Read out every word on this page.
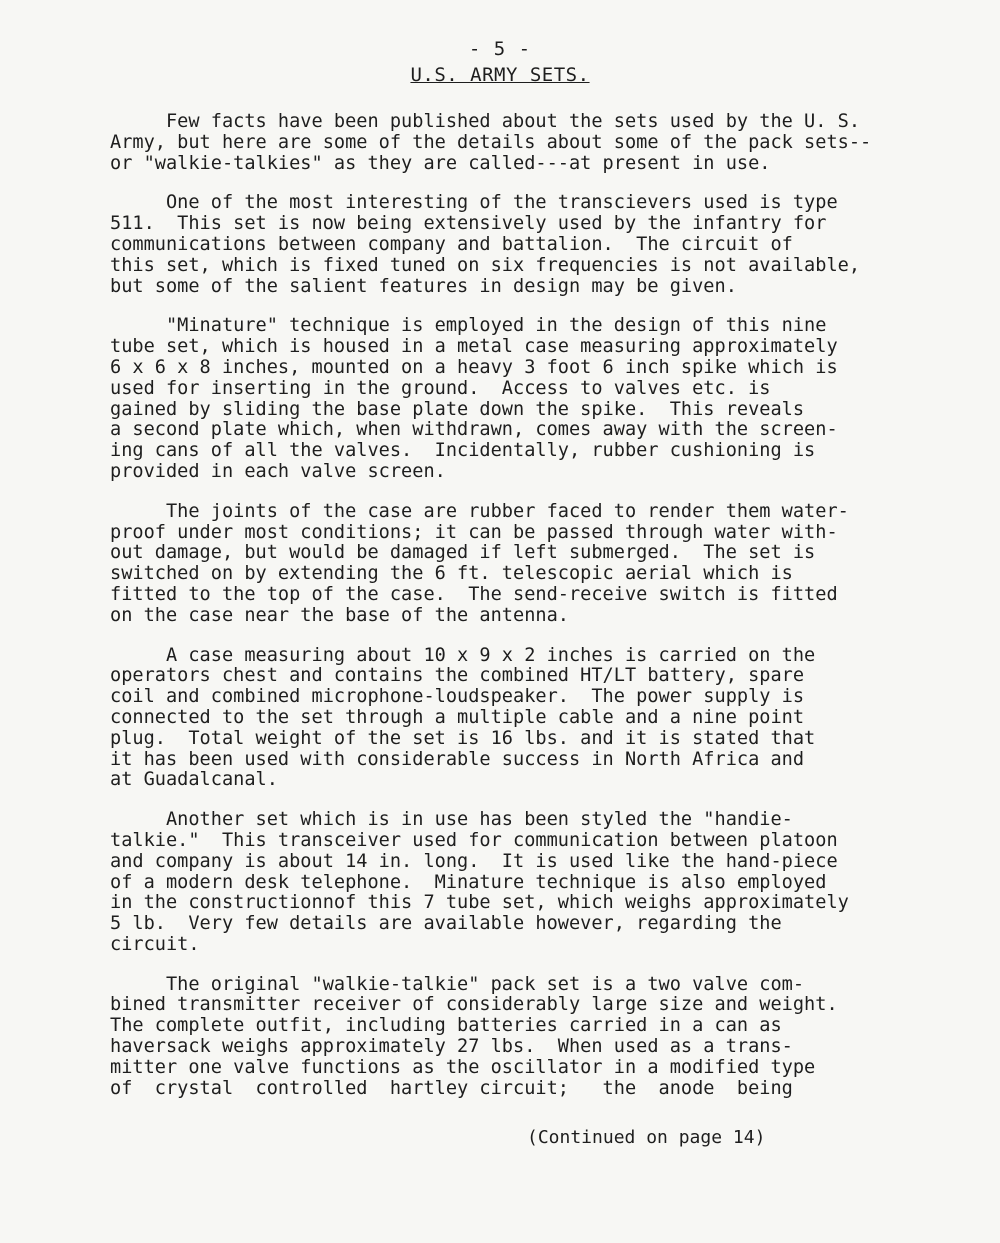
- 5 -
U.S. ARMY SETS.
Few facts have been published about the sets used by the U. S.
Army, but here are some of the details about some of the pack sets--
or "walkie-talkies" as they are called---at present in use.
One of the most interesting of the transcievers used is type
511.  This set is now being extensively used by the infantry for
communications between company and battalion.  The circuit of
this set, which is fixed tuned on six frequencies is not available,
but some of the salient features in design may be given.
"Minature" technique is employed in the design of this nine
tube set, which is housed in a metal case measuring approximately
6 x 6 x 8 inches, mounted on a heavy 3 foot 6 inch spike which is
used for inserting in the ground.  Access to valves etc. is
gained by sliding the base plate down the spike.  This reveals
a second plate which, when withdrawn, comes away with the screen-
ing cans of all the valves.  Incidentally, rubber cushioning is
provided in each valve screen.
The joints of the case are rubber faced to render them water-
proof under most conditions; it can be passed through water with-
out damage, but would be damaged if left submerged.  The set is
switched on by extending the 6 ft. telescopic aerial which is
fitted to the top of the case.  The send-receive switch is fitted
on the case near the base of the antenna.
A case measuring about 10 x 9 x 2 inches is carried on the
operators chest and contains the combined HT/LT battery, spare
coil and combined microphone-loudspeaker.  The power supply is
connected to the set through a multiple cable and a nine point
plug.  Total weight of the set is 16 lbs. and it is stated that
it has been used with considerable success in North Africa and
at Guadalcanal.
Another set which is in use has been styled the "handie-
talkie."  This transceiver used for communication between platoon
and company is about 14 in. long.  It is used like the hand-piece
of a modern desk telephone.  Minature technique is also employed
in the constructionnof this 7 tube set, which weighs approximately
5 lb.  Very few details are available however, regarding the
circuit.
The original "walkie-talkie" pack set is a two valve com-
bined transmitter receiver of considerably large size and weight.
The complete outfit, including batteries carried in a can as
haversack weighs approximately 27 lbs.  When used as a trans-
mitter one valve functions as the oscillator in a modified type
of  crystal  controlled  hartley circuit;   the  anode  being
(Continued on page 14)
